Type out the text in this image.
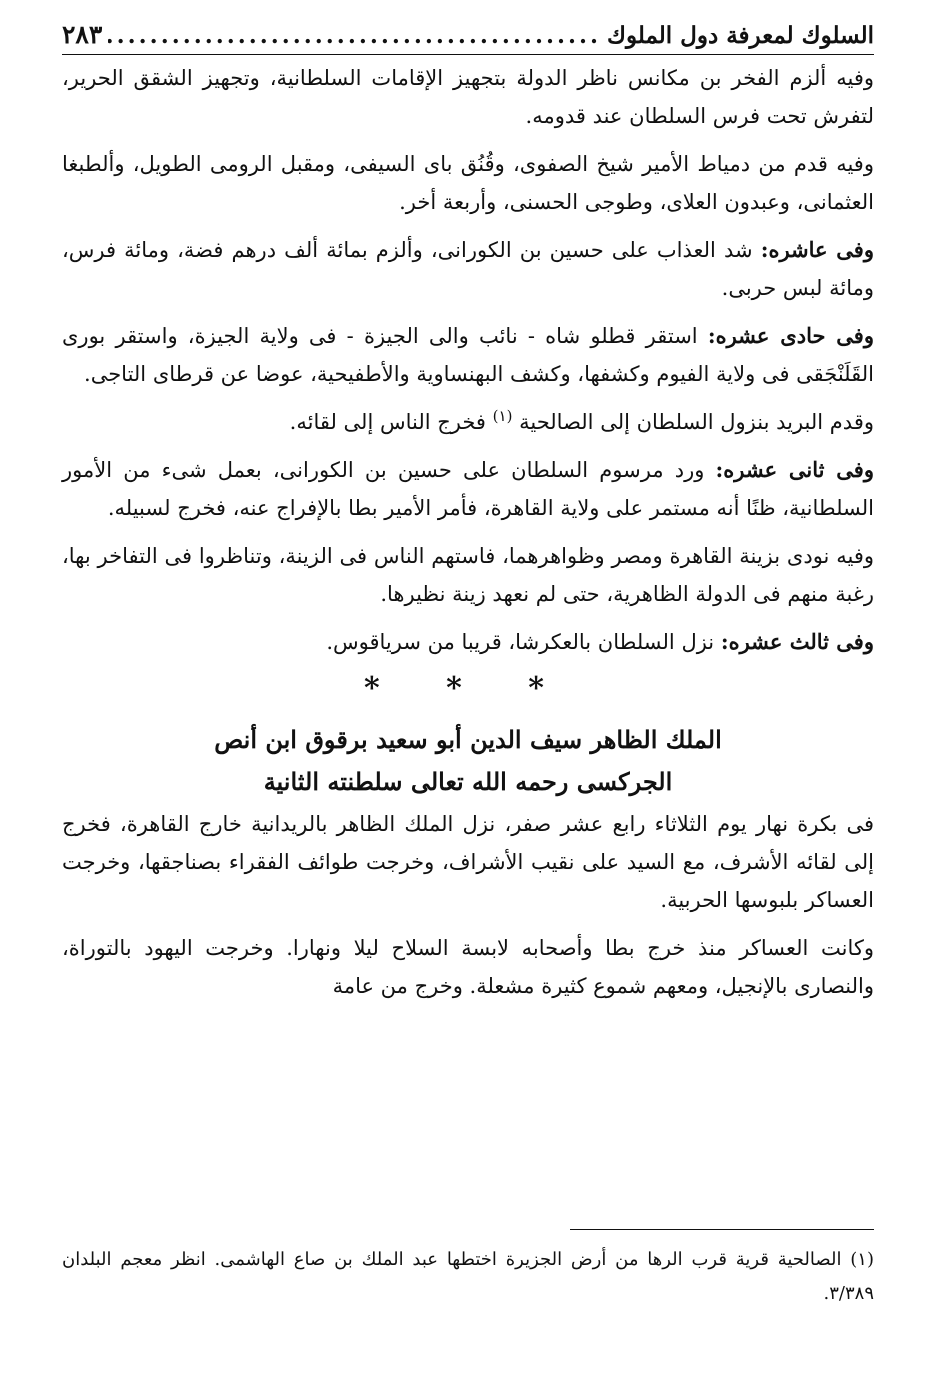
السلوك لمعرفة دول الملوك
.....
٢٨٣

وفيه ألزم الفخر بن مكانس ناظر الدولة بتجهيز الإقامات السلطانية، وتجهيز الشقق الحرير، لتفرش تحت فرس السلطان عند قدومه.

وفيه قدم من دمياط الأمير شيخ الصفوى، وقُنُق باى السيفى، ومقبل الرومى الطويل، وألطبغا العثمانى، وعبدون العلاى، وطوجى الحسنى، وأربعة أخر.

وفى عاشره: شد العذاب على حسين بن الكورانى، وألزم بمائة ألف درهم فضة، ومائة فرس، ومائة لبس حربى.

وفى حادى عشره: استقر قطلو شاه - نائب والى الجيزة - فى ولاية الجيزة، واستقر بورى القَلَنْجَقى فى ولاية الفيوم وكشفها، وكشف البهنساوية والأطفيحية، عوضا عن قرطاى التاجى.

وقدم البريد بنزول السلطان إلى الصالحية $^{(١)}$ فخرج الناس إلى لقائه.

وفى ثانى عشره: ورد مرسوم السلطان على حسين بن الكورانى، بعمل شىء من الأمور السلطانية، ظنًا أنه مستمر على ولاية القاهرة، فأمر الأمير بطا بالإفراج عنه، فخرج لسبيله.

وفيه نودى بزينة القاهرة ومصر وظواهرهما، فاستهم الناس فى الزينة، وتناظروا فى التفاخر بها، رغبة منهم فى الدولة الظاهرية، حتى لم نعهد زينة نظيرها.

وفى ثالث عشره: نزل السلطان بالعكرشا، قريبا من سرياقوس.

* * *
الملك الظاهر سيف الدين أبو سعيد برقوق ابن أنص
الجركسى رحمه الله تعالى سلطنته الثانية

فى بكرة نهار يوم الثلاثاء رابع عشر صفر، نزل الملك الظاهر بالريدانية خارج القاهرة، فخرج إلى لقائه الأشرف، مع السيد على نقيب الأشراف، وخرجت طوائف الفقراء بصناجقها، وخرجت العساكر بلبوسها الحربية.

وكانت العساكر منذ خرج بطا وأصحابه لابسة السلاح ليلا ونهارا. وخرجت اليهود بالتوراة، والنصارى بالإنجيل، ومعهم شموع كثيرة مشعلة. وخرج من عامة

(١) الصالحية قرية قرب الرها من أرض الجزيرة اختطها عبد الملك بن صاع الهاشمى. انظر معجم البلدان ٣/٣٨٩.
